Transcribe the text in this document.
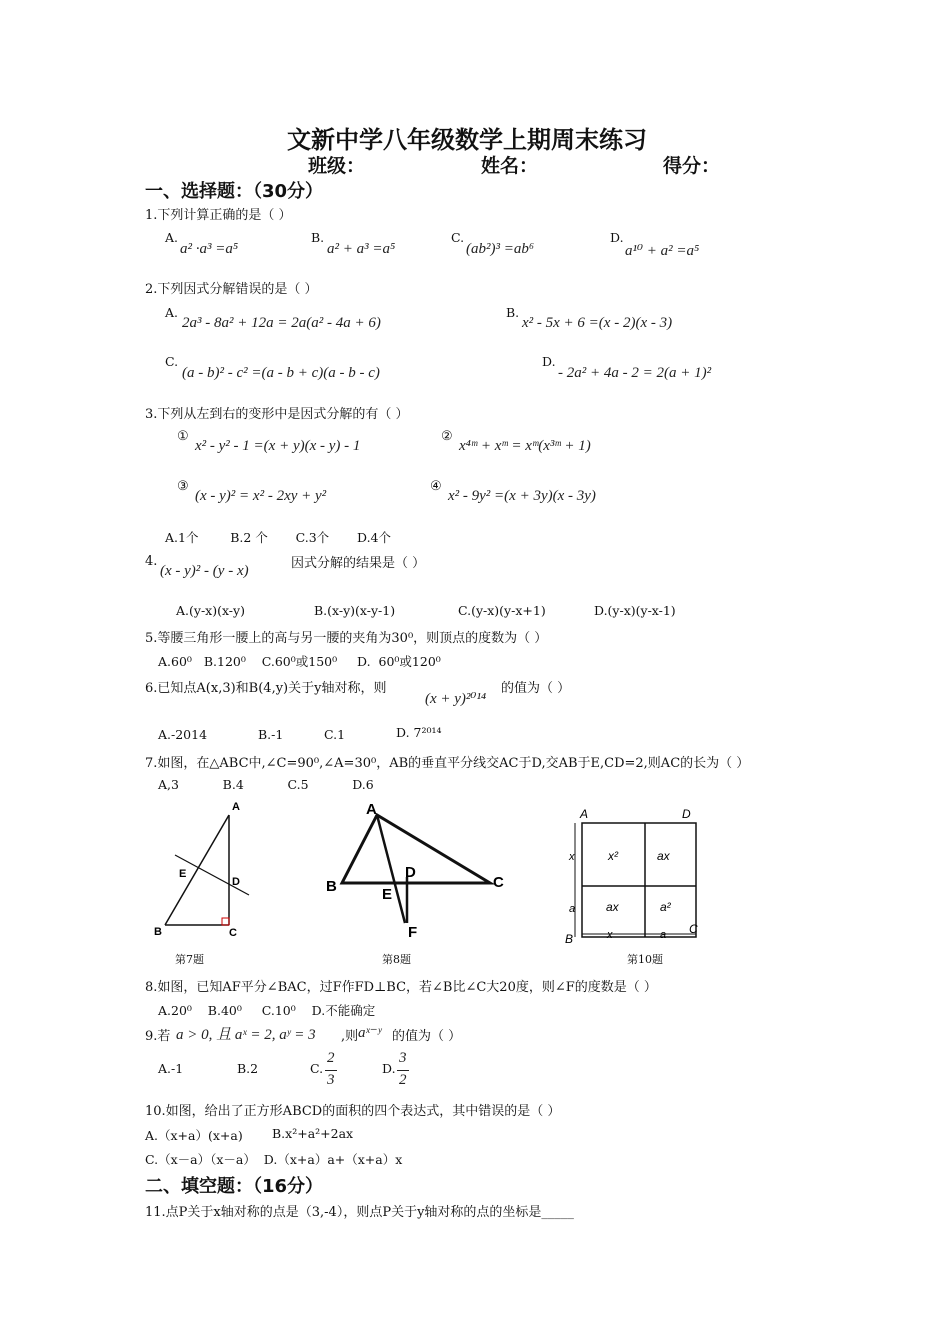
文新中学八年级数学上期周末练习
班级：	姓名：	得分：
一、选择题：（30分）
1.下列计算正确的是（ ）
A.
a² ·a³ =a⁵
B.
a² + a³ =a⁵
C.
(ab²)³ =ab⁶
D.
a¹⁰ + a² =a⁵
2.下列因式分解错误的是（ ）
A.
2a³ - 8a² + 12a = 2a(a² - 4a + 6)
B.
x² - 5x + 6 =(x - 2)(x - 3)
C.
(a - b)² - c² =(a - b + c)(a - b - c)
D.
- 2a² + 4a - 2 = 2(a + 1)²
3.下列从左到右的变形中是因式分解的有（ ）
①
x² - y² - 1 =(x + y)(x - y) - 1
②
x⁴ᵐ + xᵐ = xᵐ(x³ᵐ + 1)
③
(x - y)² = x² - 2xy + y²
④
x² - 9y² =(x + 3y)(x - 3y)
A.1个        B.2 个       C.3个       D.4个
4.
(x - y)² - (y - x)	因式分解的结果是（ ）
A.(y-x)(x-y)	B.(x-y)(x-y-1)	C.(y-x)(y-x+1)	D.(y-x)(y-x-1)
5.等腰三角形一腰上的高与另一腰的夹角为30⁰，则顶点的度数为（ ）
A.60⁰   B.120⁰    C.60⁰或150⁰     D.  60⁰或120⁰
6.已知点A(x,3)和B(4,y)关于y轴对称，则
(x + y)²⁰¹⁴
的值为（ ）
A.-2014	B.-1	C.1	D. 7²⁰¹⁴
7.如图，在△ABC中,∠C=90⁰,∠A=30⁰，AB的垂直平分线交AC于D,交AB于E,CD=2,则AC的长为（ ）
A,3           B.4           C.5           D.6
A
E
D
B	C
第7题
A
B	C
D
E
F
第8题
A	D
B
C
x²	ax
ax	a²
x
a
x	a
第10题
8.如图，已知AF平分∠BAC，过F作FD⊥BC，若∠B比∠C大20度，则∠F的度数是（ ）
A.20⁰    B.40⁰     C.10⁰    D.不能确定
9.若 a > 0, 且 aˣ = 2, aʸ = 3 ,则 aˣ⁻ʸ 的值为（ ）
A.-1	B.2	C.
2
3
D.
3
2
10.如图，给出了正方形ABCD的面积的四个表达式，其中错误的是（ ）
A.（x+a）(x+a) B.x²+a²+2ax
C.（x－a）（x－a）  D.（x+a）a+（x+a）x
二、填空题：（16分）
11.点P关于x轴对称的点是（3,-4），则点P关于y轴对称的点的坐标是_____
